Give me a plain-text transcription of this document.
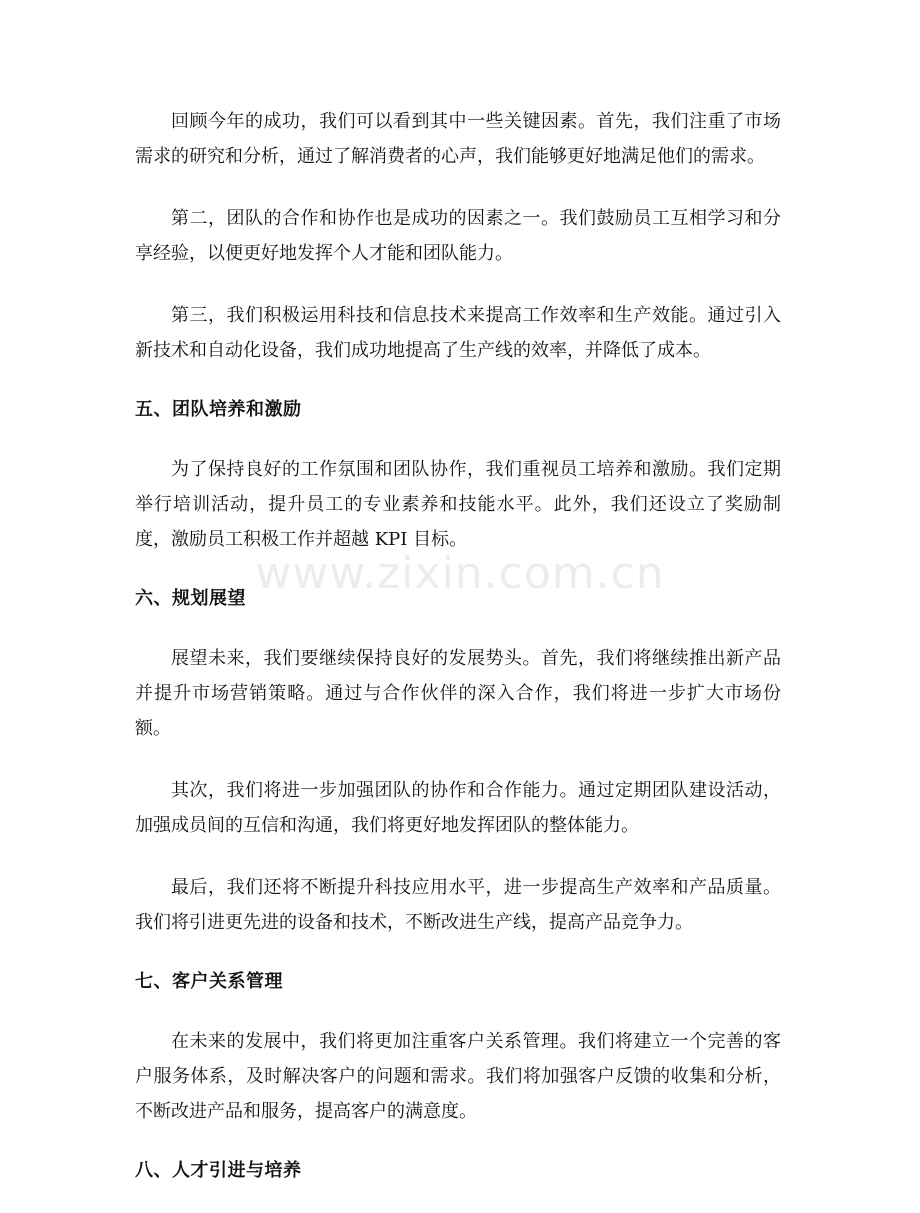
回顾今年的成功，我们可以看到其中一些关键因素。首先，我们注重了市场需求的研究和分析，通过了解消费者的心声，我们能够更好地满足他们的需求。

第二，团队的合作和协作也是成功的因素之一。我们鼓励员工互相学习和分享经验，以便更好地发挥个人才能和团队能力。

第三，我们积极运用科技和信息技术来提高工作效率和生产效能。通过引入新技术和自动化设备，我们成功地提高了生产线的效率，并降低了成本。

五、团队培养和激励

为了保持良好的工作氛围和团队协作，我们重视员工培养和激励。我们定期举行培训活动，提升员工的专业素养和技能水平。此外，我们还设立了奖励制度，激励员工积极工作并超越 KPI 目标。

六、规划展望

展望未来，我们要继续保持良好的发展势头。首先，我们将继续推出新产品并提升市场营销策略。通过与合作伙伴的深入合作，我们将进一步扩大市场份额。

其次，我们将进一步加强团队的协作和合作能力。通过定期团队建设活动，加强成员间的互信和沟通，我们将更好地发挥团队的整体能力。

最后，我们还将不断提升科技应用水平，进一步提高生产效率和产品质量。我们将引进更先进的设备和技术，不断改进生产线，提高产品竞争力。

七、客户关系管理

在未来的发展中，我们将更加注重客户关系管理。我们将建立一个完善的客户服务体系，及时解决客户的问题和需求。我们将加强客户反馈的收集和分析，不断改进产品和服务，提高客户的满意度。

八、人才引进与培养
www.zixin.com.cn
